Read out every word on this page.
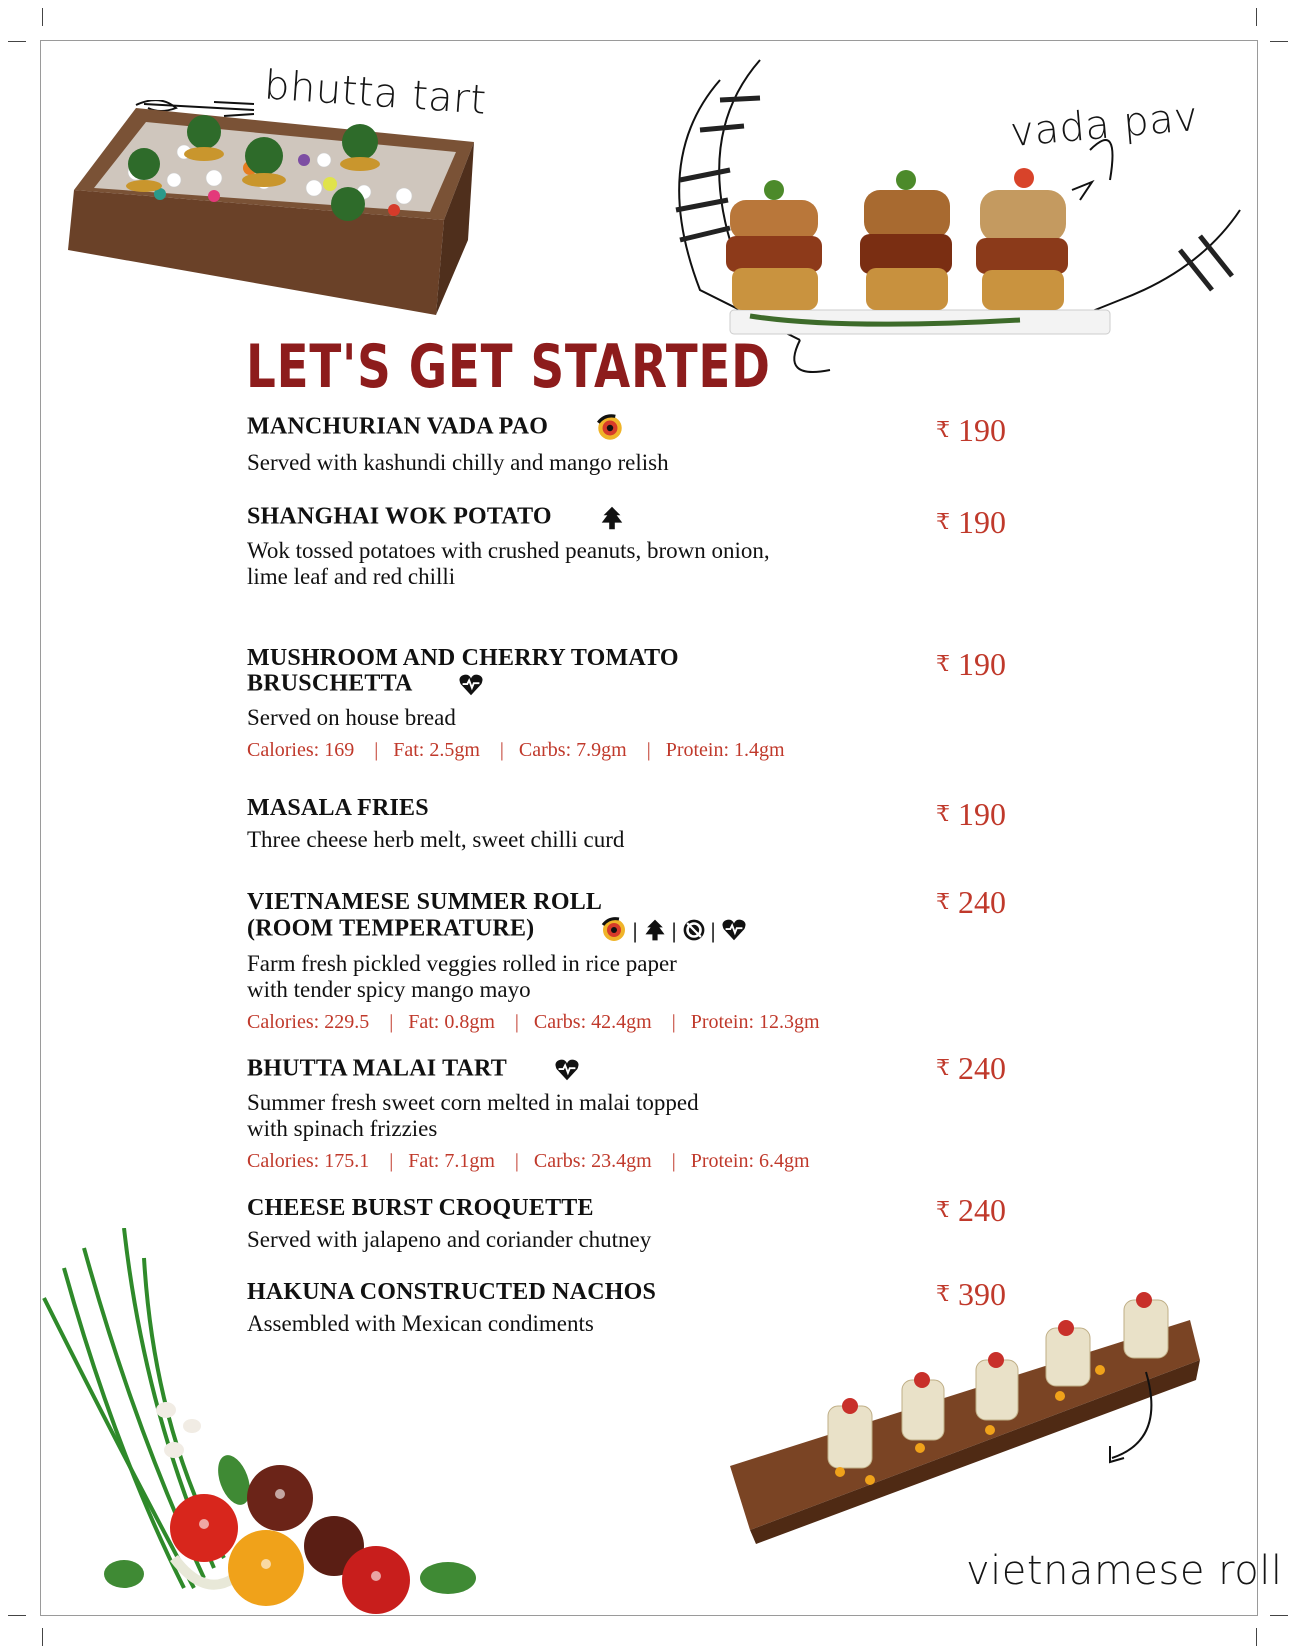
bhutta tart
vada pav
LET'S GET STARTED
MANCHURIAN VADA PAO
Served with kashundi chilly and mango relish
₹ 190
SHANGHAI WOK POTATO
Wok tossed potatoes with crushed peanuts, brown onion,
lime leaf and red chilli
₹ 190
MUSHROOM AND CHERRY TOMATO
BRUSCHETTA
Served on house bread
Calories: 169    |   Fat: 2.5gm    |   Carbs: 7.9gm    |   Protein: 1.4gm
₹ 190
MASALA FRIES
Three cheese herb melt, sweet chilli curd
₹ 190
VIETNAMESE SUMMER ROLL
(ROOM TEMPERATURE)	| | |
Farm fresh pickled veggies rolled in rice paper
with tender spicy mango mayo
Calories: 229.5    |   Fat: 0.8gm    |   Carbs: 42.4gm    |   Protein: 12.3gm
₹ 240
BHUTTA MALAI TART
Summer fresh sweet corn melted in malai topped
with spinach frizzies
Calories: 175.1    |   Fat: 7.1gm    |   Carbs: 23.4gm    |   Protein: 6.4gm
₹ 240
CHEESE BURST CROQUETTE
Served with jalapeno and coriander chutney
₹ 240
HAKUNA CONSTRUCTED NACHOS
Assembled with Mexican condiments
₹ 390
vietnamese roll
